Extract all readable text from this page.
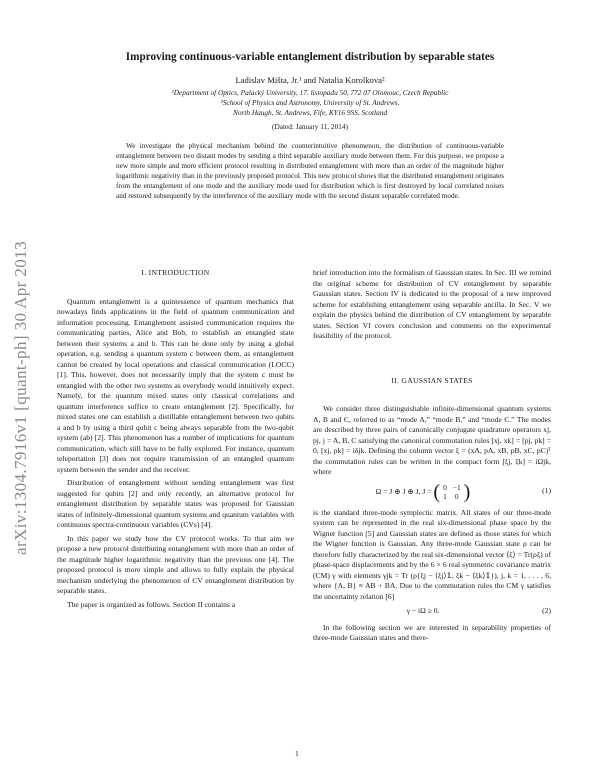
arXiv:1304.7916v1 [quant-ph] 30 Apr 2013
Improving continuous-variable entanglement distribution by separable states
Ladislav Mišta, Jr.¹ and Natalia Korolkova²
¹Department of Optics, Palacký University, 17. listopadu 50, 772 07 Olomouc, Czech Republic
²School of Physics and Astronomy, University of St. Andrews,
North Haugh, St. Andrews, Fife, KY16 9SS, Scotland
(Dated: January 11, 2014)
We investigate the physical mechanism behind the counterintuitive phenomenon, the distribution of continuous-variable entanglement between two distant modes by sending a third separable auxiliary mode between them. For this purpose, we propose a new more simple and more efficient protocol resulting in distributed entanglement with more than an order of the magnitude higher logarithmic negativity than in the previously proposed protocol. This new protocol shows that the distributed entanglement originates from the entanglement of one mode and the auxiliary mode used for distribution which is first destroyed by local correlated noises and restored subsequently by the interference of the auxiliary mode with the second distant separable correlated mode.
I. INTRODUCTION

Quantum entanglement is a quintessence of quantum mechanics that nowadays finds applications in the field of quantum communication and information processing. Entanglement assisted communication requires the communicating parties, Alice and Bob, to establish an entangled state between their systems a and b. This can be done only by using a global operation, e.g. sending a quantum system c between them, as entanglement cannot be created by local operations and classical communication (LOCC) [1]. This, however, does not necessarily imply that the system c must be entangled with the other two systems as everybody would intuitively expect. Namely, for the quantum mixed states only classical correlations and quantum interference suffice to create entanglement [2]. Specifically, for mixed states one can establish a distillable entanglement between two qubits a and b by using a third qubit c being always separable from the two-qubit system (ab) [2]. This phenomenon has a number of implications for quantum communication, which still have to be fully explored. For instance, quantum teleportation [3] does not require transmission of an entangled quantum system between the sender and the receiver.

Distribution of entanglement without sending entanglement was first suggested for qubits [2] and only recently, an alternative protocol for entanglement distribution by separable states was proposed for Gaussian states of infinitely-dimensional quantum systems and quantum variables with continuous spectra-continuous variables (CVs) [4].

In this paper we study how the CV protocol works. To that aim we propose a new protocol distributing entanglement with more than an order of the magnitude higher logarithmic negativity than the previous one [4]. The proposed protocol is more simple and allows to fully explain the physical mechanism underlying the phenomenon of CV entanglement distribution by separable states.

The paper is organized as follows. Section II contains a

brief introduction into the formalism of Gaussian states. In Sec. III we remind the original scheme for distribution of CV entanglement by separable Gaussian states. Section IV is dedicated to the proposal of a new improved scheme for establishing entanglement using separable ancilla. In Sec. V we explain the physics behind the distribution of CV entanglement by separable states. Section VI covers conclusion and comments on the experimental feasibility of the protocol.

II. GAUSSIAN STATES

We consider three distinguishable infinite-dimensional quantum systems A, B and C, referred to as “mode A,” “mode B,” and “mode C.” The modes are described by three pairs of canonically conjugate quadrature operators xj, pj, j = A, B, C satisfying the canonical commutation rules [xj, xk] = [pj, pk] = 0, [xj, pk] = iδjk. Defining the column vector ξ = (xA, pA, xB, pB, xC, pC)ᵀ the commutation rules can be written in the compact form [ξj, ξk] = iΩjk, where

Ω = J ⊕ J ⊕ J, J = ( 0	−1
1	0 )	(1)

is the standard three-mode symplectic matrix. All states of our three-mode system can be represented in the real six-dimensional phase space by the Wigner function [5] and Gaussian states are defined as those states for which the Wigner function is Gaussian. Any three-mode Gaussian state ρ can be therefore fully characterized by the real six-dimensional vector ⟨ξ⟩ = Tr(ρξ) of phase-space displacements and by the 6 × 6 real symmetric covariance matrix (CM) γ with elements γjk = Tr (ρ{ξj − ⟨ξj⟩𝟙, ξk − ⟨ξk⟩𝟙}), j, k = 1, . . . , 6, where {A, B} ≡ AB + BA. Due to the commutation rules the CM γ satisfies the uncertainty relation [6]

γ − iΩ ≥ 0.	(2)

In the following section we are interested in separability properties of three-mode Gaussian states and there-

1
